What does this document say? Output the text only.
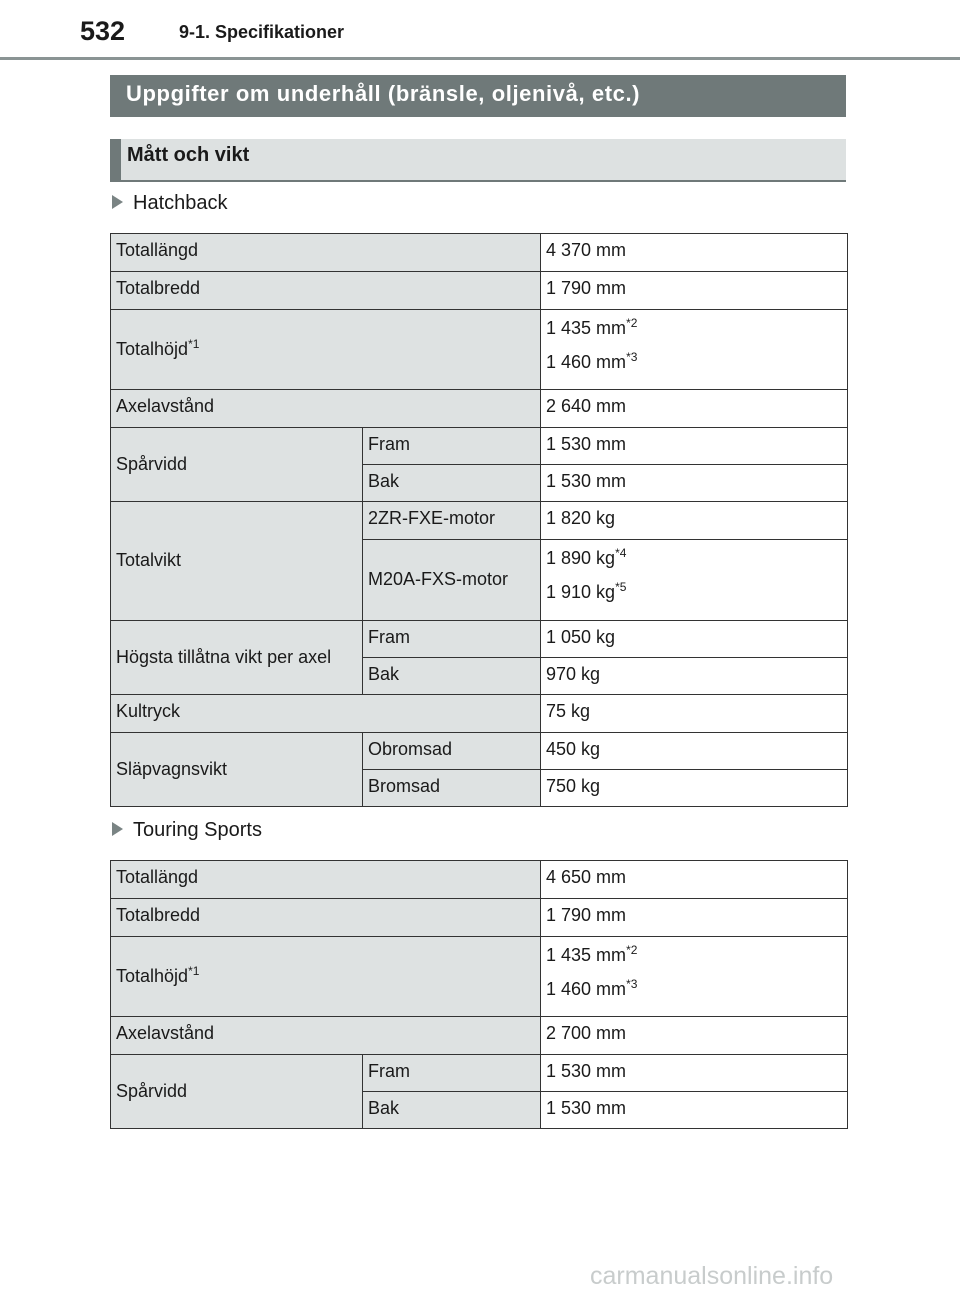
532	9-1. Specifikationer
Uppgifter om underhåll (bränsle, oljenivå, etc.)
Mått och vikt
Hatchback
Totallängd		4 370 mm
Totalbredd		1 790 mm
Totalhöjd$^{*1}$		1 435 $mm^{*2}$
1 460 $mm^{*3}$

Axelavstånd		2 640 mm
Spårvidd	Fram	1 530 mm
	Bak	1 530 mm
Totalvikt	2ZR-FXE-motor	1 820 kg
	M20A-FXS-motor	1 890 $kg^{*4}$
1 910 $kg^{*5}$

Högsta tillåtna vikt per axel	Fram	1 050 kg
	Bak	970 kg
Kultryck		75 kg
Släpvagnsvikt	Obromsad	450 kg
	Bromsad	750 kg
Touring Sports
Totallängd		4 650 mm
Totalbredd		1 790 mm
Totalhöjd$^{*1}$		1 435 $mm^{*2}$
1 460 $mm^{*3}$

Axelavstånd		2 700 mm
Spårvidd	Fram	1 530 mm
	Bak	1 530 mm
carmanualsonline.info
